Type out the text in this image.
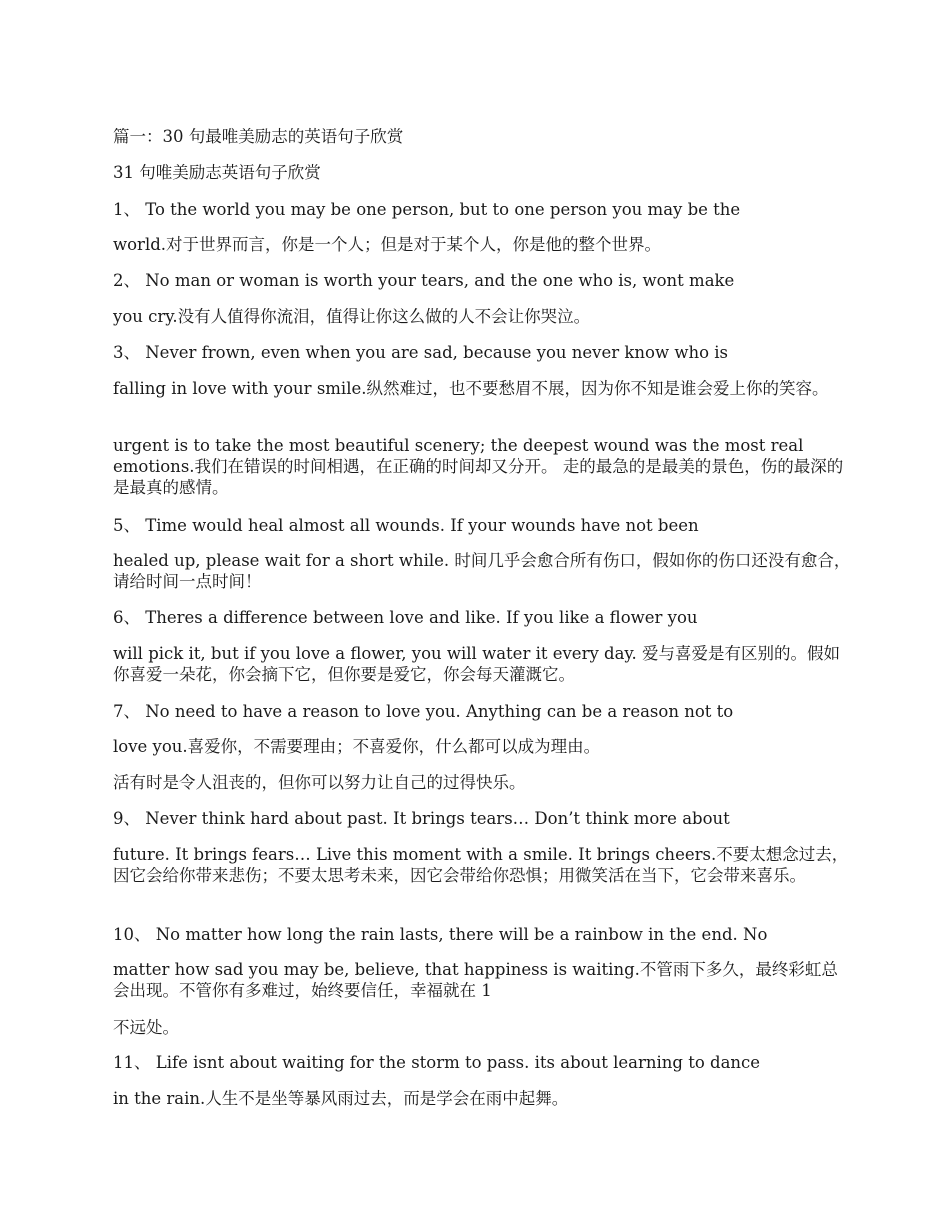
篇一：30 句最唯美励志的英语句子欣赏

31 句唯美励志英语句子欣赏

1、 To the world you may be one person, but to one person you may be the

world.对于世界而言，你是一个人；但是对于某个人，你是他的整个世界。

2、 No man or woman is worth your tears, and the one who is, wont make

you cry.没有人值得你流泪，值得让你这么做的人不会让你哭泣。

3、 Never frown, even when you are sad, because you never know who is

falling in love with your smile.纵然难过，也不要愁眉不展，因为你不知是谁会爱上你的笑容。

urgent is to take the most beautiful scenery; the deepest wound was the most real emotions.我们在错误的时间相遇，在正确的时间却又分开。 走的最急的是最美的景色，伤的最深的是最真的感情。

5、 Time would heal almost all wounds. If your wounds have not been

healed up, please wait for a short while. 时间几乎会愈合所有伤口，假如你的伤口还没有愈合，请给时间一点时间！

6、 Theres a difference between love and like. If you like a flower you

will pick it, but if you love a flower, you will water it every day. 爱与喜爱是有区别的。假如你喜爱一朵花，你会摘下它，但你要是爱它，你会每天灌溉它。

7、 No need to have a reason to love you. Anything can be a reason not to

love you.喜爱你，不需要理由；不喜爱你，什么都可以成为理由。

活有时是令人沮丧的，但你可以努力让自己的过得快乐。

9、 Never think hard about past. It brings tears… Don’t think more about

future. It brings fears… Live this moment with a smile. It brings cheers.不要太想念过去，因它会给你带来悲伤；不要太思考未来，因它会带给你恐惧；用微笑活在当下，它会带来喜乐。

10、 No matter how long the rain lasts, there will be a rainbow in the end. No

matter how sad you may be, believe, that happiness is waiting.不管雨下多久，最终彩虹总会出现。不管你有多难过，始终要信任，幸福就在 1

不远处。

11、 Life isnt about waiting for the storm to pass. its about learning to dance

in the rain.人生不是坐等暴风雨过去，而是学会在雨中起舞。
